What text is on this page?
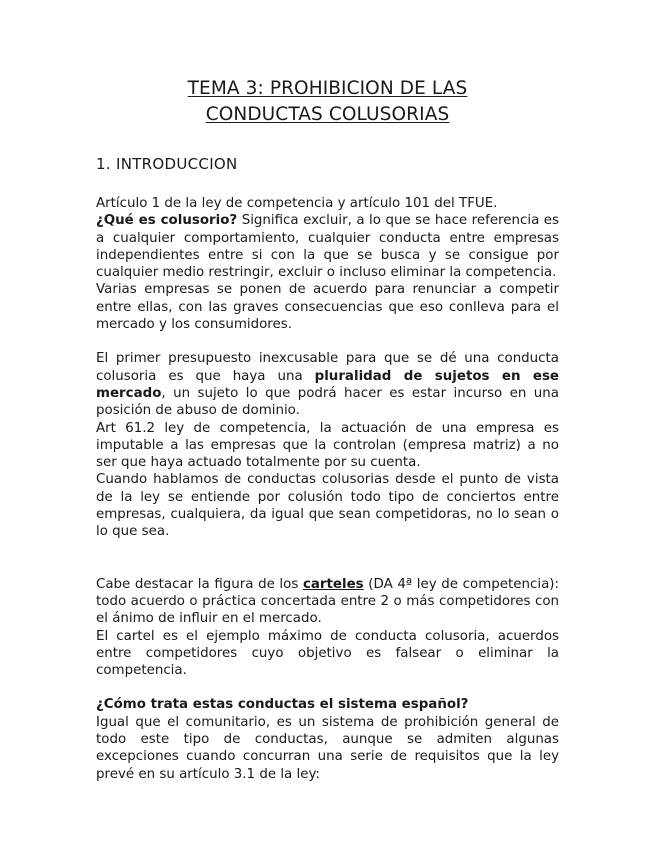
TEMA 3: PROHIBICION DE LAS
CONDUCTAS COLUSORIAS
1. INTRODUCCION

Artículo 1 de la ley de competencia y artículo 101 del TFUE.

¿Qué es colusorio? Significa excluir, a lo que se hace referencia es a cualquier comportamiento, cualquier conducta entre empresas independientes entre si con la que se busca y se consigue por cualquier medio restringir, excluir o incluso eliminar la competencia.

Varias empresas se ponen de acuerdo para renunciar a competir entre ellas, con las graves consecuencias que eso conlleva para el mercado y los consumidores.

El primer presupuesto inexcusable para que se dé una conducta colusoria es que haya una pluralidad de sujetos en ese mercado, un sujeto lo que podrá hacer es estar incurso en una posición de abuso de dominio.

Art 61.2 ley de competencia, la actuación de una empresa es imputable a las empresas que la controlan (empresa matriz) a no ser que haya actuado totalmente por su cuenta.

Cuando hablamos de conductas colusorias desde el punto de vista de la ley se entiende por colusión todo tipo de conciertos entre empresas, cualquiera, da igual que sean competidoras, no lo sean o lo que sea.

Cabe destacar la figura de los carteles (DA 4ª ley de competencia): todo acuerdo o práctica concertada entre 2 o más competidores con el ánimo de influir en el mercado.

El cartel es el ejemplo máximo de conducta colusoria, acuerdos entre competidores cuyo objetivo es falsear o eliminar la competencia.

¿Cómo trata estas conductas el sistema español?

Igual que el comunitario, es un sistema de prohibición general de todo este tipo de conductas, aunque se admiten algunas excepciones cuando concurran una serie de requisitos que la ley prevé en su artículo 3.1 de la ley:
